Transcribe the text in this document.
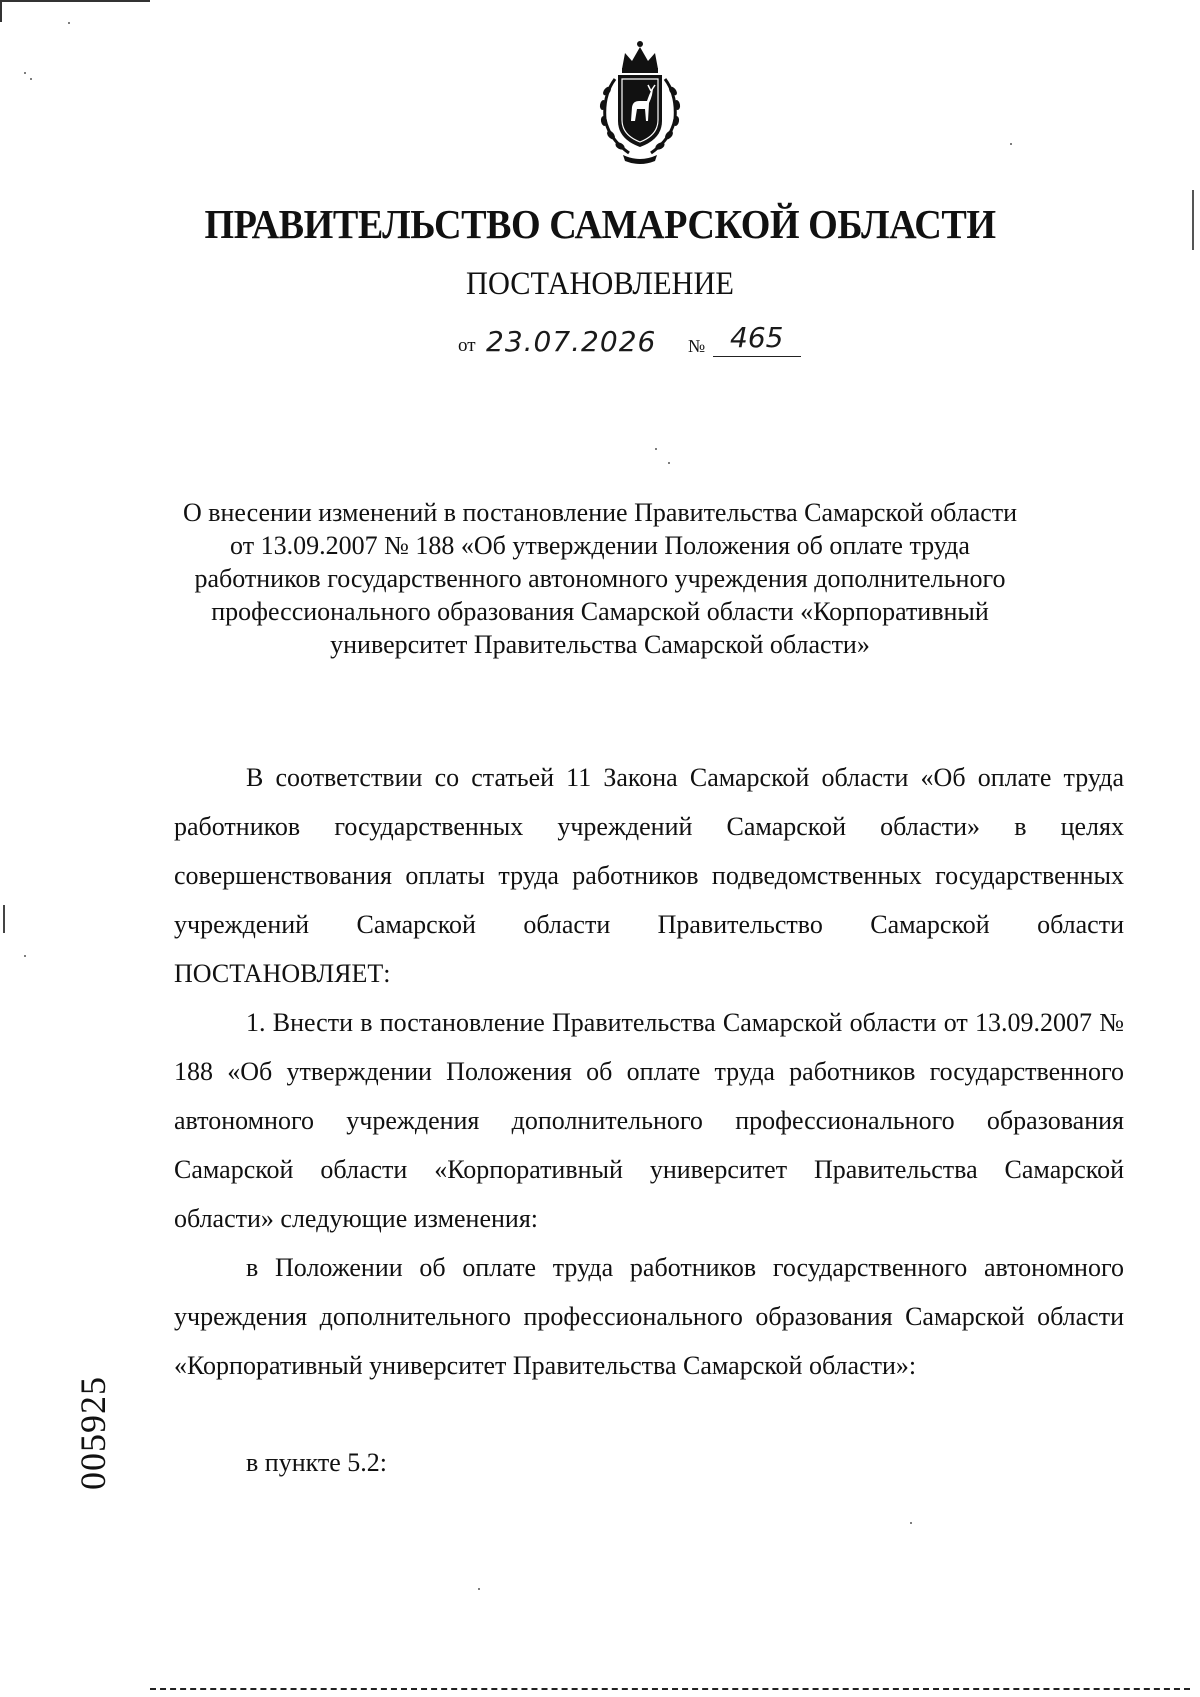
ПРАВИТЕЛЬСТВО САМАРСКОЙ ОБЛАСТИ
ПОСТАНОВЛЕНИЕ
от 23.07.2026 № 465
О внесении изменений в постановление Правительства Самарской области от 13.09.2007 № 188 «Об утверждении Положения об оплате труда работников государственного автономного учреждения дополнительного профессионального образования Самарской области «Корпоративный университет Правительства Самарской области»

В соответствии со статьей 11 Закона Самарской области «Об оплате труда работников государственных учреждений Самарской области» в целях совершенствования оплаты труда работников подведомственных государственных учреждений Самарской области Правительство Самарской области ПОСТАНОВЛЯЕТ:

1. Внести в постановление Правительства Самарской области от 13.09.2007 № 188 «Об утверждении Положения об оплате труда работников государственного автономного учреждения дополнительного профессионального образования Самарской области «Корпоративный университет Правительства Самарской области» следующие изменения:

в Положении об оплате труда работников государственного автономного учреждения дополнительного профессионального образования Самарской области «Корпоративный университет Правительства Самарской области»:

в пункте 5.2:

005925
